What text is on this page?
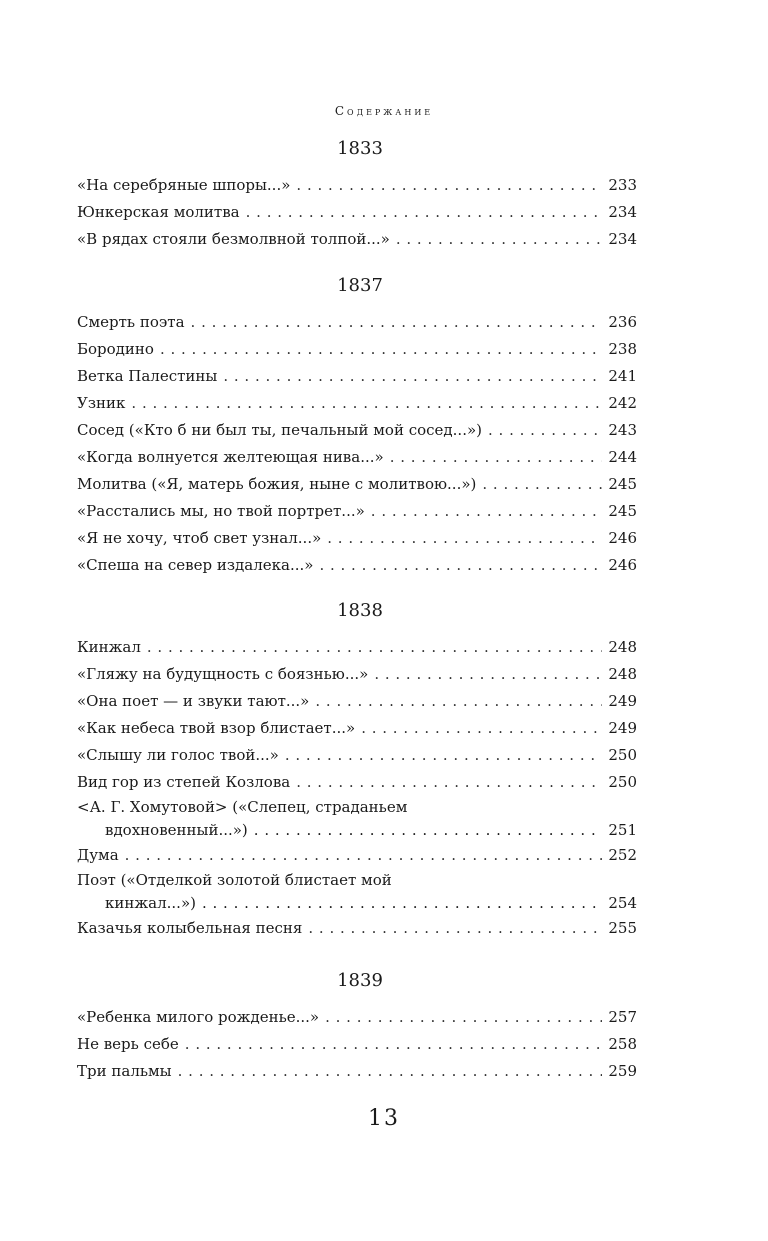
Содержание
1833
«На серебряные шпоры...» . . .	233
Юнкерская молитва . . .	234
«В рядах стояли безмолвной толпой...» . . .	234
1837
Смерть поэта . . .	236
Бородино . . .	238
Ветка Палестины . . .	241
Узник . . .	242
Сосед («Кто б ни был ты, печальный мой сосед...») . . .	243
«Когда волнуется желтеющая нива...» . . .	244
Молитва («Я, матерь божия, ныне с молитвою...») . . .	245
«Расстались мы, но твой портрет...» . . .	245
«Я не хочу, чтоб свет узнал...» . . .	246
«Спеша на север издалека...» . . .	246
1838
Кинжал . . .	248
«Гляжу на будущность с боязнью...» . . .	248
«Она поет — и звуки тают...» . . .	249
«Как небеса твой взор блистает...» . . .	249
«Слышу ли голос твой...» . . .	250
Вид гор из степей Козлова . . .	250
<А. Г. Хомутовой> («Слепец, страданьем
вдохновенный...») . . .	251
Дума . . .	252
Поэт («Отделкой золотой блистает мой
кинжал...») . . .	254
Казачья колыбельная песня . . .	255
1839
«Ребенка милого рожденье...» . . .	257
Не верь себе . . .	258
Три пальмы . . .	259
13
